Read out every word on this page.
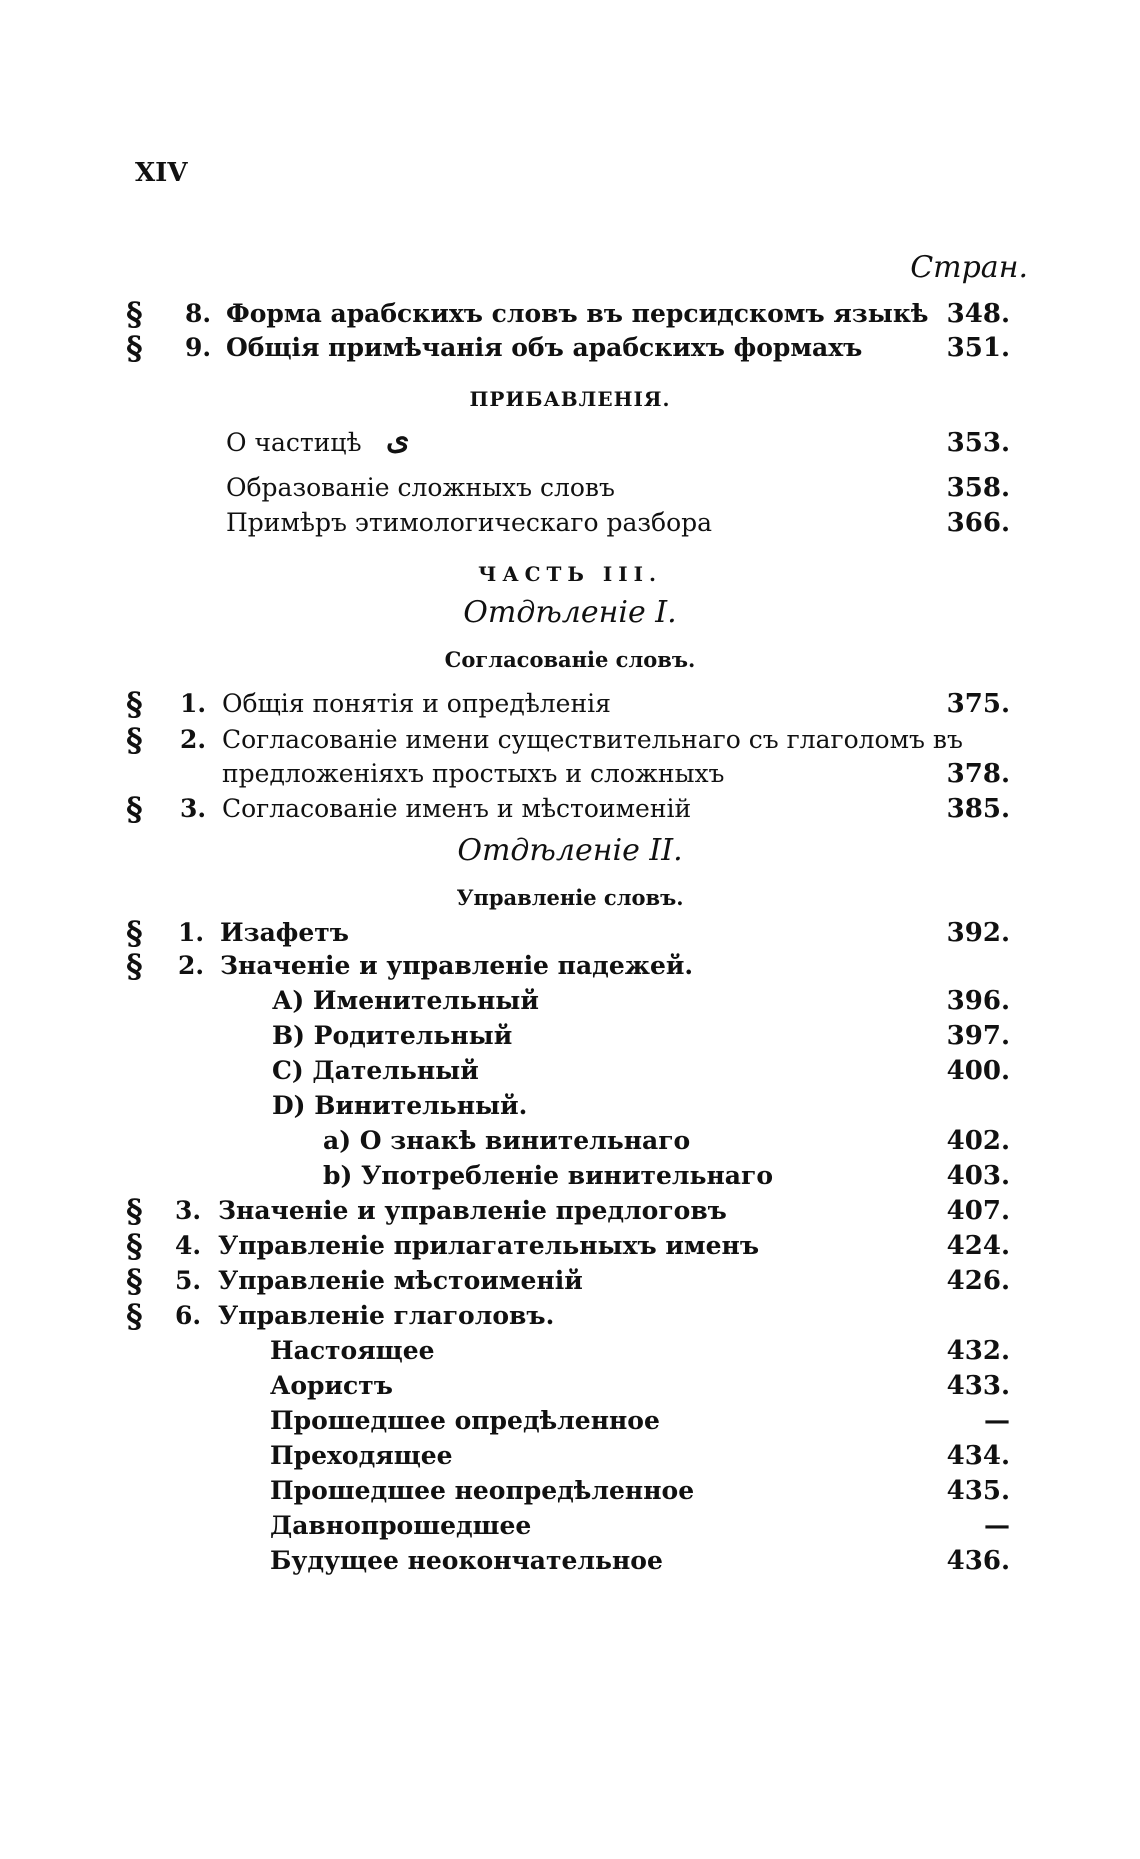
XIV
Стран.
§ 8. Форма арабскихъ словъ въ персидскомъ языкѣ 348.
§ 9. Общія примѣчанія объ арабскихъ формахъ	351.
ПРИБАВЛЕНІЯ.
О частицѣ ی	353.
Образованіе сложныхъ словъ	358.
Примѣръ этимологическаго разбора	366.
ЧАСТЬ III.
Отдѣленіе I.
Согласованіе словъ.
§ 1. Общія понятія и опредѣленія	375.
§ 2. Согласованіе имени существительнаго съ глаголомъ въ
предложеніяхъ простыхъ и сложныхъ	378.
§ 3. Согласованіе именъ и мѣстоименій	385.
Отдѣленіе II.
Управленіе словъ.
§ 1. Изафетъ	392.
§ 2. Значеніе и управленіе падежей.
А) Именительный	396.
В) Родительный	397.
С) Дательный	400.
D) Винительный.
a) О знакѣ винительнаго	402.
b) Употребленіе винительнаго	403.
§ 3. Значеніе и управленіе предлоговъ	407.
§ 4. Управленіе прилагательныхъ именъ	424.
§ 5. Управленіе мѣстоименій	426.
§ 6. Управленіе глаголовъ.
Настоящее	432.
Аористъ	433.
Прошедшее опредѣленное	—
Преходящее	434.
Прошедшее неопредѣленное	435.
Давнопрошедшее	—
Будущее неокончательное	436.
